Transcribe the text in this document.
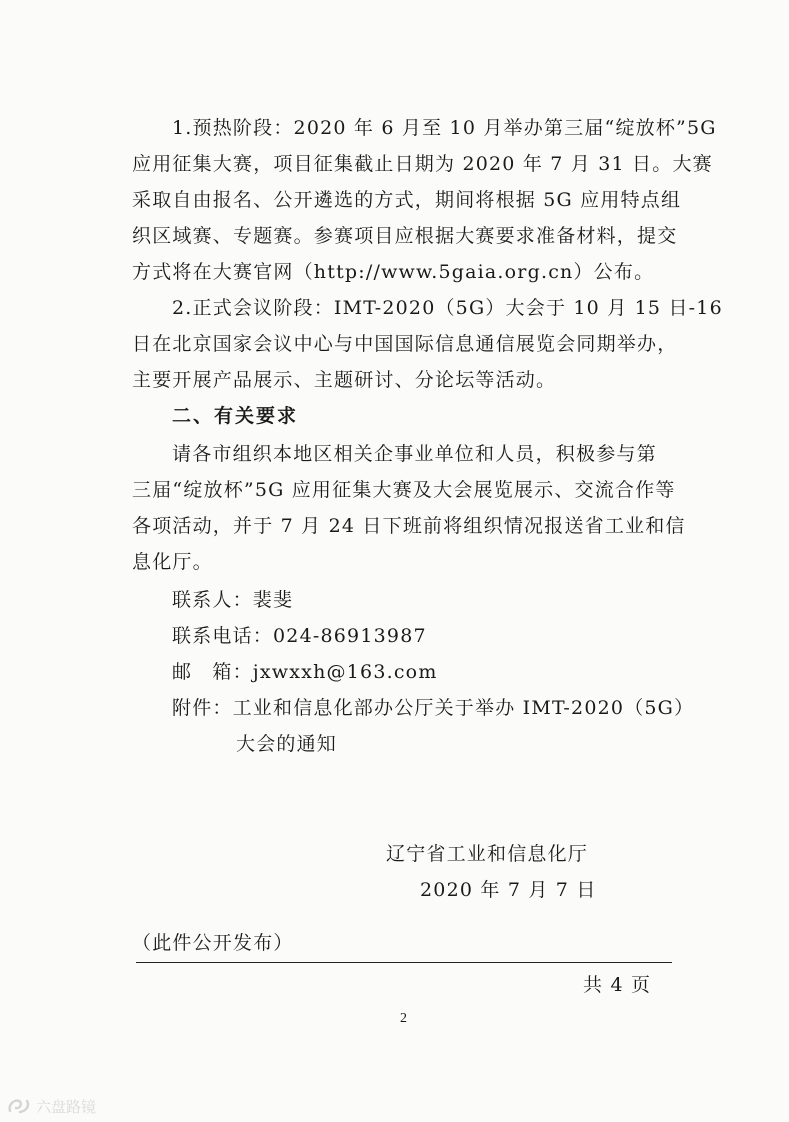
1.预热阶段：2020 年 6 月至 10 月举办第三届“绽放杯”5G
应用征集大赛，项目征集截止日期为 2020 年 7 月 31 日。大赛
采取自由报名、公开遴选的方式，期间将根据 5G 应用特点组
织区域赛、专题赛。参赛项目应根据大赛要求准备材料，提交
方式将在大赛官网（http://www.5gaia.org.cn）公布。
2.正式会议阶段：IMT-2020（5G）大会于 10 月 15 日-16
日在北京国家会议中心与中国国际信息通信展览会同期举办，
主要开展产品展示、主题研讨、分论坛等活动。
二、有关要求
请各市组织本地区相关企事业单位和人员，积极参与第
三届“绽放杯”5G 应用征集大赛及大会展览展示、交流合作等
各项活动，并于 7 月 24 日下班前将组织情况报送省工业和信
息化厅。
联系人：裴斐
联系电话：024-86913987
邮　箱：jxwxxh@163.com
附件：工业和信息化部办公厅关于举办 IMT-2020（5G）
大会的通知
辽宁省工业和信息化厅
2020 年 7 月 7 日
（此件公开发布）
共 4 页
2
六盘路镜
